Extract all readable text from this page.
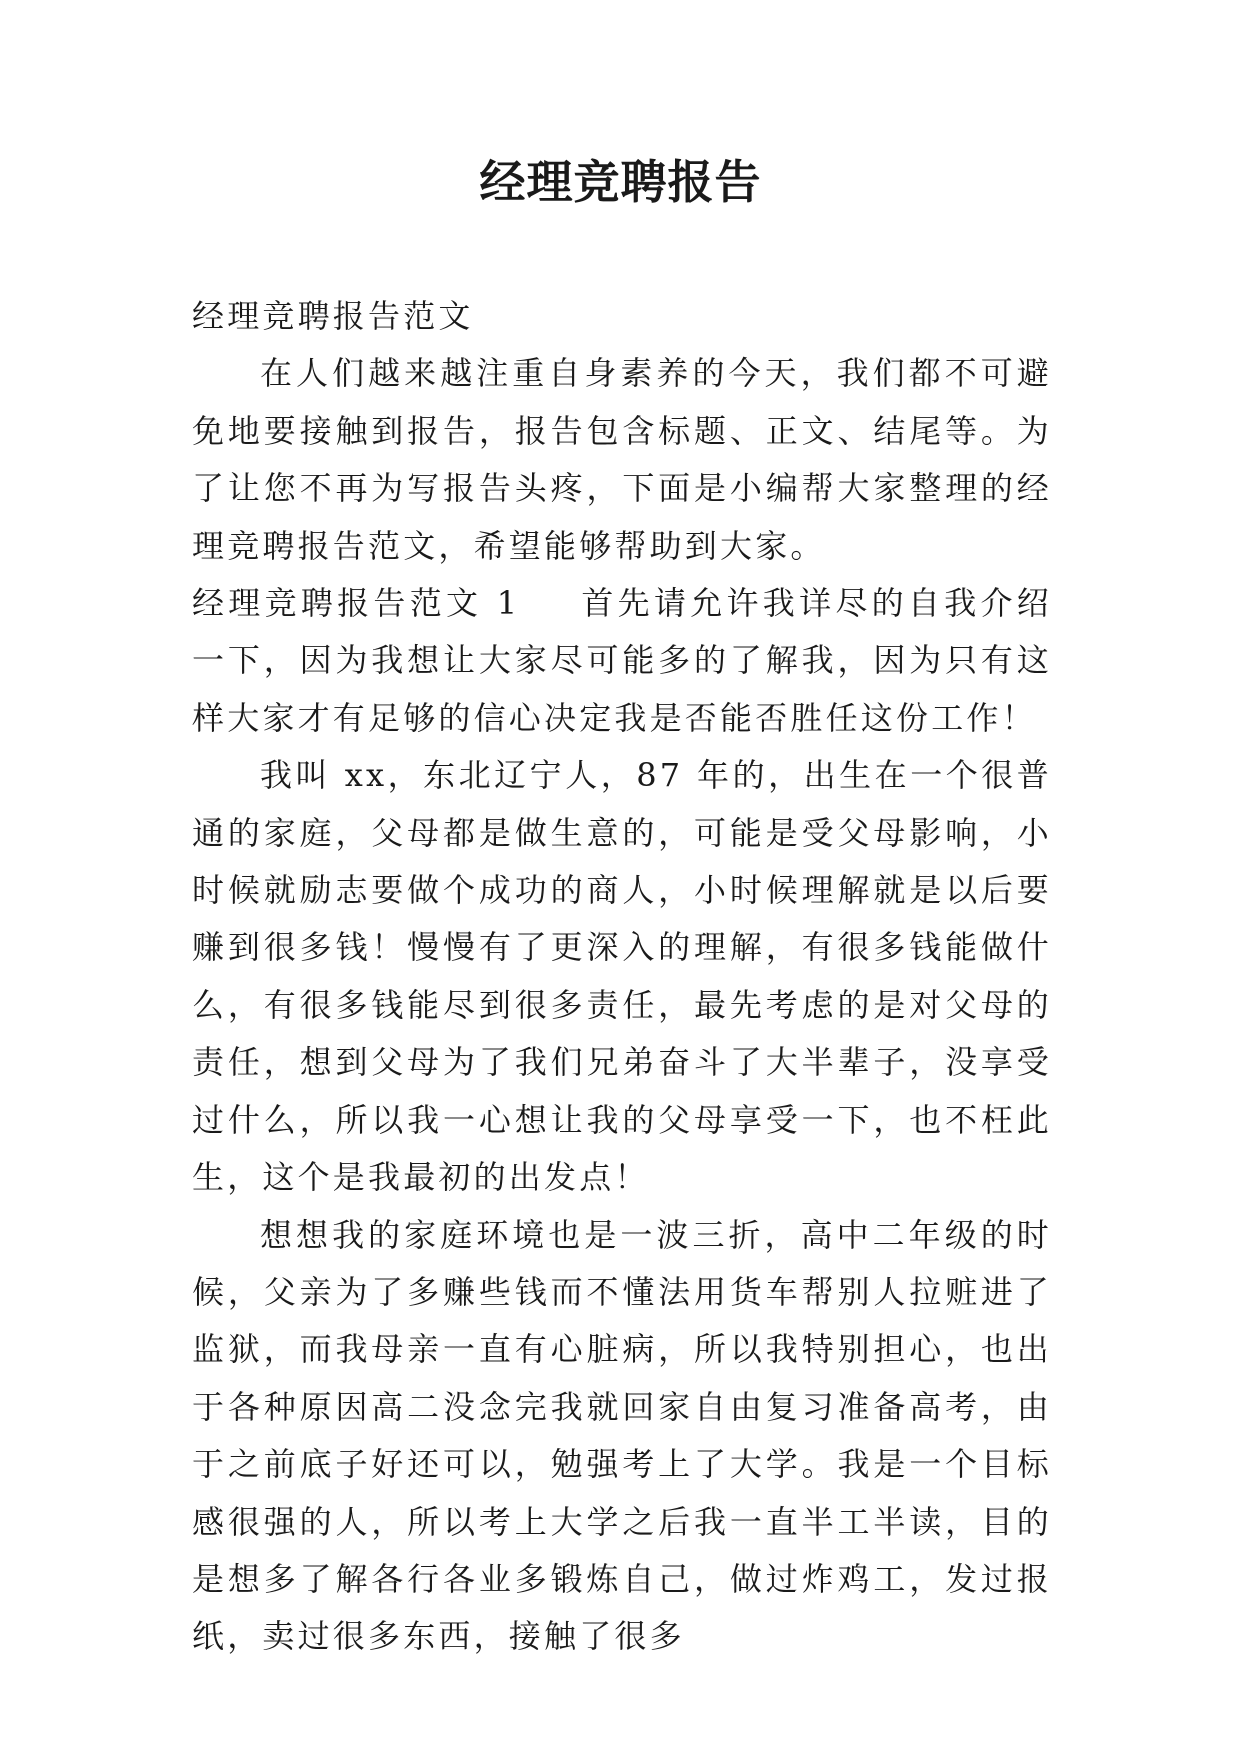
经理竞聘报告

经理竞聘报告范文

在人们越来越注重自身素养的今天，我们都不可避免地要接触到报告，报告包含标题、正文、结尾等。为了让您不再为写报告头疼，下面是小编帮大家整理的经理竞聘报告范文，希望能够帮助到大家。

经理竞聘报告范文 1 首先请允许我详尽的自我介绍一下，因为我想让大家尽可能多的了解我，因为只有这样大家才有足够的信心决定我是否能否胜任这份工作！

我叫 xx，东北辽宁人，87 年的，出生在一个很普通的家庭，父母都是做生意的，可能是受父母影响，小时候就励志要做个成功的商人，小时候理解就是以后要赚到很多钱！慢慢有了更深入的理解，有很多钱能做什么，有很多钱能尽到很多责任，最先考虑的是对父母的责任，想到父母为了我们兄弟奋斗了大半辈子，没享受过什么，所以我一心想让我的父母享受一下，也不枉此生，这个是我最初的出发点！

想想我的家庭环境也是一波三折，高中二年级的时候，父亲为了多赚些钱而不懂法用货车帮别人拉赃进了监狱，而我母亲一直有心脏病，所以我特别担心，也出于各种原因高二没念完我就回家自由复习准备高考，由于之前底子好还可以，勉强考上了大学。我是一个目标感很强的人，所以考上大学之后我一直半工半读，目的是想多了解各行各业多锻炼自己，做过炸鸡工，发过报纸，卖过很多东西，接触了很多
